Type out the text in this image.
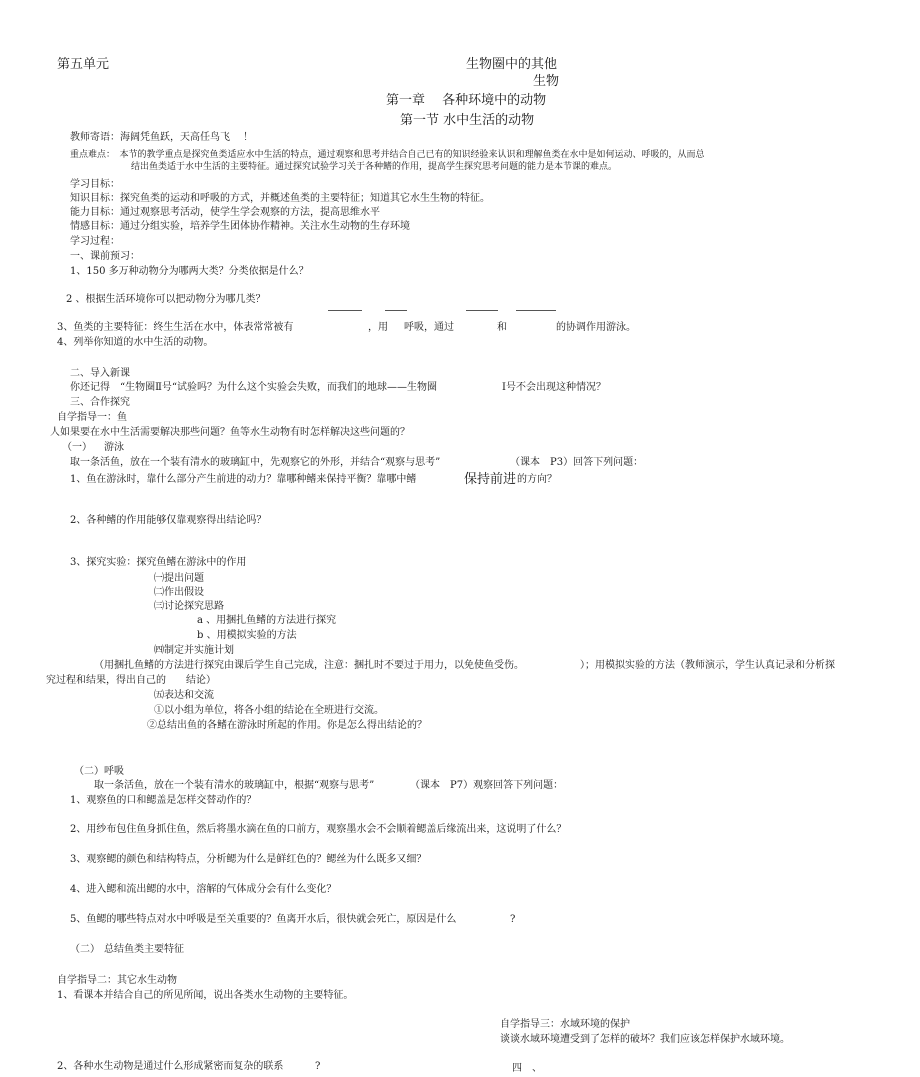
第五单元	生物圈中的其他
生物
第一章　 各种环境中的动物
第一节 水中生活的动物
教师寄语：海阔凭鱼跃，天高任鸟飞　 ！
重点难点：　本节的教学重点是探究鱼类适应水中生活的特点，通过观察和思考并结合自己已有的知识经验来认识和理解鱼类在水中是如何运动、呼吸的，从而总
结出鱼类适于水中生活的主要特征。通过探究试验学习关于各种鳍的作用，提高学生探究思考问题的能力是本节课的难点。
学习目标：
知识目标：探究鱼类的运动和呼吸的方式，并概述鱼类的主要特征；知道其它水生生物的特征。
能力目标：通过观察思考活动，使学生学会观察的方法，提高思维水平
情感目标：通过分组实验，培养学生团体协作精神。关注水生动物的生存环境
学习过程：
一、课前预习：
1、150 多万种动物分为哪两大类？分类依据是什么？
2 、根据生活环境你可以把动物分为哪几类？
3、鱼类的主要特征：终生生活在水中，体表常常被有	，用 呼吸，通过	和	的协调作用游泳。
4、列举你知道的水中生活的动物。
二、导入新课
你还记得　“生物圈Ⅱ号“试验吗？为什么这个实验会失败，而我们的地球——生物圈	Ⅰ号不会出现这种情况？
三、合作探究
自学指导一：鱼
人如果要在水中生活需要解决那些问题？鱼等水生动物有时怎样解决这些问题的？
（一） 游泳
取一条活鱼，放在一个装有清水的玻璃缸中，先观察它的外形，并结合“观察与思考”	（课本　P3）回答下列问题：
1、鱼在游泳时，靠什么部分产生前进的动力？靠哪种鳍来保持平衡？靠哪中鳍	保持前进 的方向？
2、各种鳍的作用能够仅靠观察得出结论吗？
3、探究实验：探究鱼鳍在游泳中的作用
㈠提出问题
㈡作出假设
㈢讨论探究思路
a 、用捆扎鱼鳍的方法进行探究
b 、用模拟实验的方法
㈣制定并实施计划
（用捆扎鱼鳍的方法进行探究由课后学生自己完成，注意：捆扎时不要过于用力，以免使鱼受伤。	）；用模拟实验的方法（教师演示，学生认真记录和分析探
究过程和结果，得出自己的　　结论）
㈤表达和交流
①以小组为单位，将各小组的结论在全班进行交流。
②总结出鱼的各鳍在游泳时所起的作用。你是怎么得出结论的？
（二）呼吸
取一条活鱼，放在一个装有清水的玻璃缸中，根据“观察与思考”	（课本　P7）观察回答下列问题：
1、观察鱼的口和鳃盖是怎样交替动作的？
2、用纱布包住鱼身抓住鱼，然后将墨水滴在鱼的口前方，观察墨水会不会顺着鳃盖后缘流出来，这说明了什么？
3、观察鳃的颜色和结构特点，分析鳃为什么是鲜红色的？鳃丝为什么既多又细？
4、进入鳃和流出鳃的水中，溶解的气体成分会有什么变化？
5、鱼鳃的哪些特点对水中呼吸是至关重要的？鱼离开水后，很快就会死亡，原因是什么	?
（二） 总结鱼类主要特征
自学指导二：其它水生动物
1、看课本并结合自己的所见所闻，说出各类水生动物的主要特征。
2、各种水生动物是通过什么形成紧密而复杂的联系	?
自学指导三：水域环境的保护
谈谈水域环境遭受到了怎样的破坏？我们应该怎样保护水域环境。
四　、
